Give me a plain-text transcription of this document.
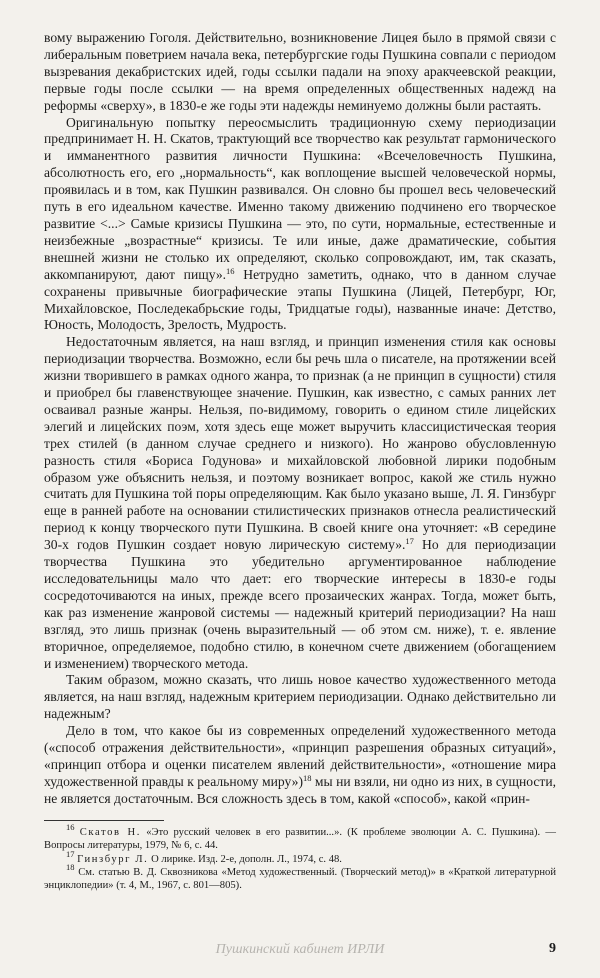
вому выражению Гоголя. Действительно, возникновение Лицея было в прямой связи с либеральным поветрием начала века, петербургские годы Пушкина совпали с периодом вызревания декабристских идей, годы ссылки падали на эпоху аракчеевской реакции, первые годы после ссылки — на время определенных общественных надежд на реформы «сверху», в 1830-е же годы эти надежды неминуемо должны были растаять.

Оригинальную попытку переосмыслить традиционную схему периодизации предпринимает Н. Н. Скатов, трактующий все творчество как результат гармонического и имманентного развития личности Пушкина: «Всечеловечность Пушкина, абсолютность его, его „нормальность“, как воплощение высшей человеческой нормы, проявилась и в том, как Пушкин развивался. Он словно бы прошел весь человеческий путь в его идеальном качестве. Именно такому движению подчинено его творческое развитие <...> Самые кризисы Пушкина — это, по сути, нормальные, естественные и неизбежные „возрастные“ кризисы. Те или иные, даже драматические, события внешней жизни не столько их определяют, сколько сопровождают, им, так сказать, аккомпанируют, дают пищу».$^{16}$ Нетрудно заметить, однако, что в данном случае сохранены привычные биографические этапы Пушкина (Лицей, Петербург, Юг, Михайловское, Последекабрьские годы, Тридцатые годы), названные иначе: Детство, Юность, Молодость, Зрелость, Мудрость.

Недостаточным является, на наш взгляд, и принцип изменения стиля как основы периодизации творчества. Возможно, если бы речь шла о писателе, на протяжении всей жизни творившего в рамках одного жанра, то признак (а не принцип в сущности) стиля и приобрел бы главенствующее значение. Пушкин, как известно, с самых ранних лет осваивал разные жанры. Нельзя, по-видимому, говорить о едином стиле лицейских элегий и лицейских поэм, хотя здесь еще может выручить классицистическая теория трех стилей (в данном случае среднего и низкого). Но жанрово обусловленную разность стиля «Бориса Годунова» и михайловской любовной лирики подобным образом уже объяснить нельзя, и поэтому возникает вопрос, какой же стиль нужно считать для Пушкина той поры определяющим. Как было указано выше, Л. Я. Гинзбург еще в ранней работе на основании стилистических признаков отнесла реалистический период к концу творческого пути Пушкина. В своей книге она уточняет: «В середине 30-х годов Пушкин создает новую лирическую систему».$^{17}$ Но для периодизации творчества Пушкина это убедительно аргументированное наблюдение исследовательницы мало что дает: его творческие интересы в 1830-е годы сосредоточиваются на иных, прежде всего прозаических жанрах. Тогда, может быть, как раз изменение жанровой системы — надежный критерий периодизации? На наш взгляд, это лишь признак (очень выразительный — об этом см. ниже), т. е. явление вторичное, определяемое, подобно стилю, в конечном счете движением (обогащением и изменением) творческого метода.

Таким образом, можно сказать, что лишь новое качество художественного метода является, на наш взгляд, надежным критерием периодизации. Однако действительно ли надежным?

Дело в том, что какое бы из современных определений художественного метода («способ отражения действительности», «принцип разрешения образных ситуаций», «принцип отбора и оценки писателем явлений действительности», «отношение мира художественной правды к реальному миру»)$^{18}$ мы ни взяли, ни одно из них, в сущности, не является достаточным. Вся сложность здесь в том, какой «способ», какой «прин-

$^{16}$ Скатов Н. «Это русский человек в его развитии...». (К проблеме эволюции А. С. Пушкина). — Вопросы литературы, 1979, № 6, с. 44.

$^{17}$ Гинзбург Л. О лирике. Изд. 2-е, дополн. Л., 1974, с. 48.

$^{18}$ См. статью В. Д. Сквозникова «Метод художественный. (Творческий метод)» в «Краткой литературной энциклопедии» (т. 4, М., 1967, с. 801—805).

Пушкинский кабинет ИРЛИ	9
